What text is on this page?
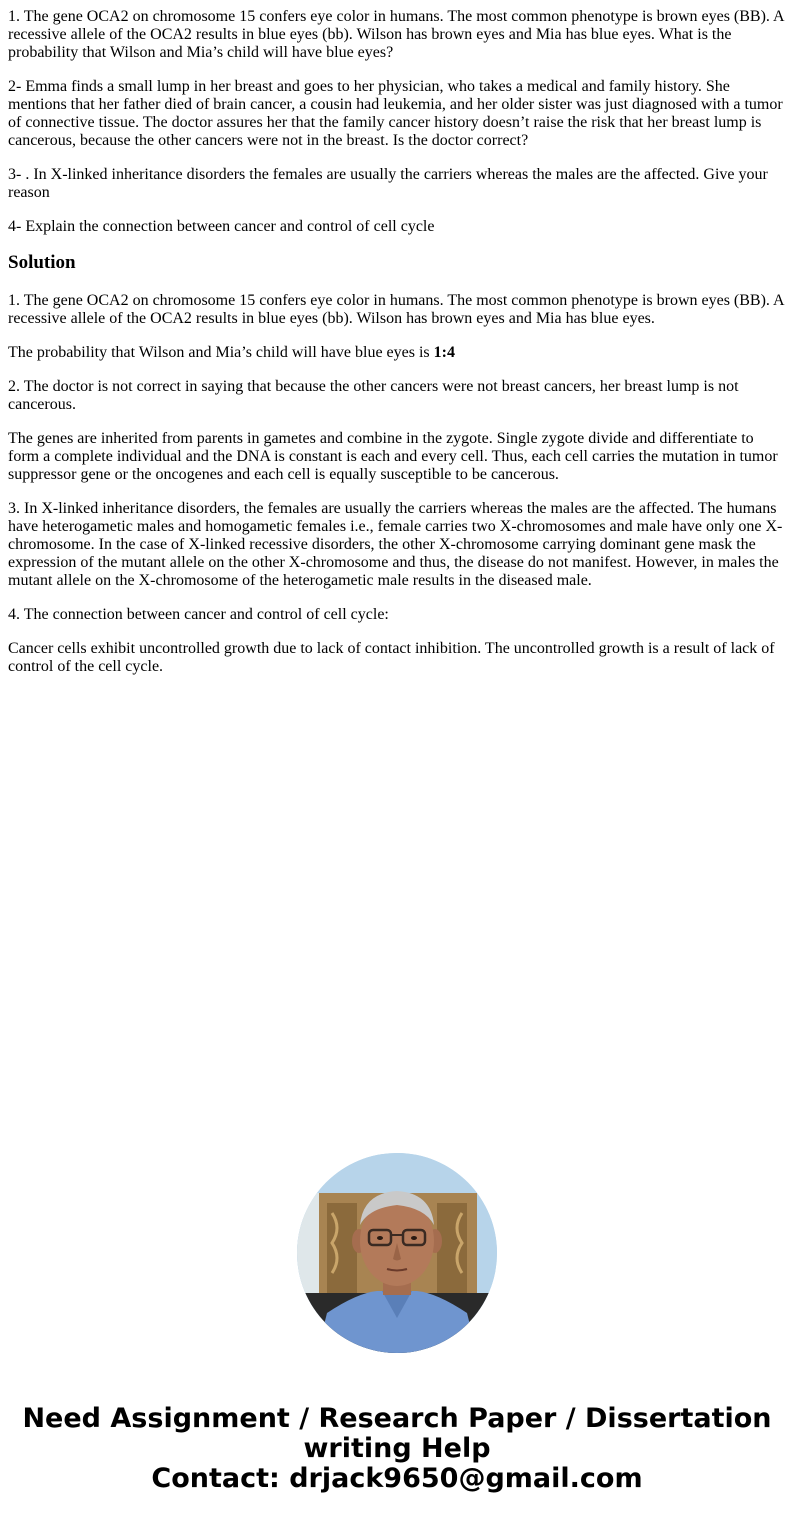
1. The gene OCA2 on chromosome 15 confers eye color in humans. The most common phenotype is brown eyes (BB). A recessive allele of the OCA2 results in blue eyes (bb). Wilson has brown eyes and Mia has blue eyes. What is the probability that Wilson and Mia’s child will have blue eyes?

2- Emma finds a small lump in her breast and goes to her physician, who takes a medical and family history. She mentions that her father died of brain cancer, a cousin had leukemia, and her older sister was just diagnosed with a tumor of connective tissue. The doctor assures her that the family cancer history doesn’t raise the risk that her breast lump is cancerous, because the other cancers were not in the breast. Is the doctor correct?

3- . In X-linked inheritance disorders the females are usually the carriers whereas the males are the affected. Give your reason

4- Explain the connection between cancer and control of cell cycle

Solution

1. The gene OCA2 on chromosome 15 confers eye color in humans. The most common phenotype is brown eyes (BB). A recessive allele of the OCA2 results in blue eyes (bb). Wilson has brown eyes and Mia has blue eyes.

The probability that Wilson and Mia’s child will have blue eyes is 1:4

2. The doctor is not correct in saying that because the other cancers were not breast cancers, her breast lump is not cancerous.

The genes are inherited from parents in gametes and combine in the zygote. Single zygote divide and differentiate to form a complete individual and the DNA is constant is each and every cell. Thus, each cell carries the mutation in tumor suppressor gene or the oncogenes and each cell is equally susceptible to be cancerous.

3. In X-linked inheritance disorders, the females are usually the carriers whereas the males are the affected. The humans have heterogametic males and homogametic females i.e., female carries two X-chromosomes and male have only one X-chromosome. In the case of X-linked recessive disorders, the other X-chromosome carrying dominant gene mask the expression of the mutant allele on the other X-chromosome and thus, the disease do not manifest. However, in males the mutant allele on the X-chromosome of the heterogametic male results in the diseased male.

4. The connection between cancer and control of cell cycle:

Cancer cells exhibit uncontrolled growth due to lack of contact inhibition. The uncontrolled growth is a result of lack of control of the cell cycle.

Need Assignment / Research Paper / Dissertation
writing Help
Contact: drjack9650@gmail.com
